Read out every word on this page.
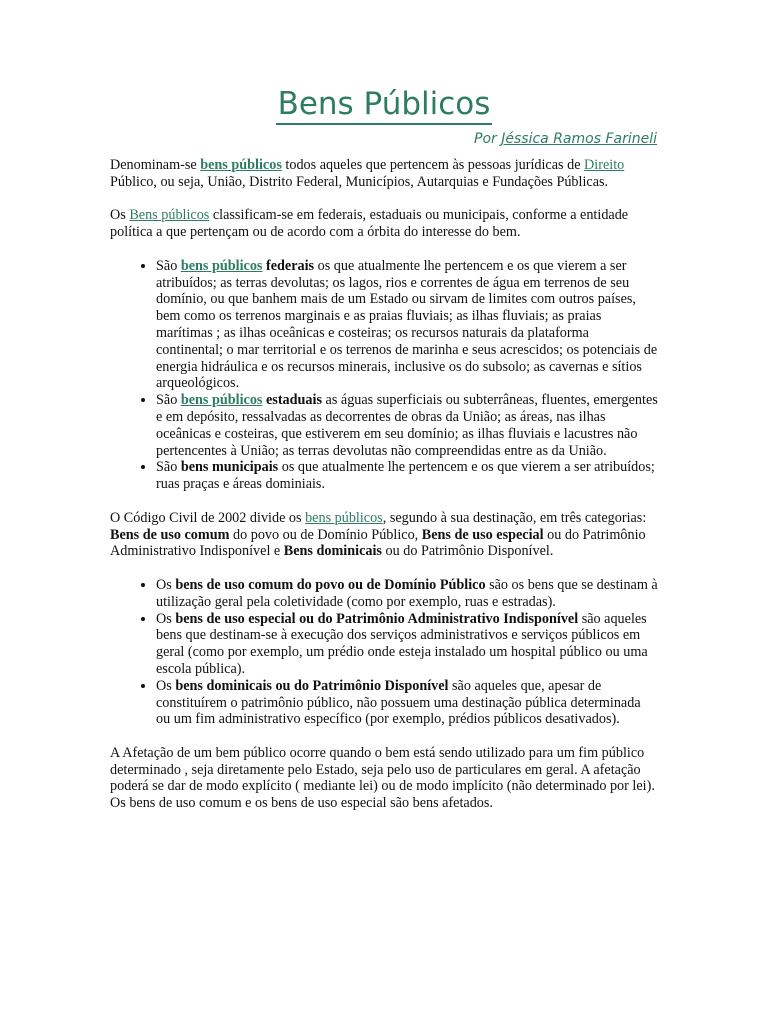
Bens Públicos
Por Jéssica Ramos Farineli

Denominam-se bens públicos todos aqueles que pertencem às pessoas jurídicas de Direito Público, ou seja, União, Distrito Federal, Municípios, Autarquias e Fundações Públicas.

Os Bens públicos classificam-se em federais, estaduais ou municipais, conforme a entidade política a que pertençam ou de acordo com a órbita do interesse do bem.

• São bens públicos federais os que atualmente lhe pertencem e os que vierem a ser atribuídos; as terras devolutas; os lagos, rios e correntes de água em terrenos de seu domínio, ou que banhem mais de um Estado ou sirvam de limites com outros países, bem como os terrenos marginais e as praias fluviais; as ilhas fluviais; as praias marítimas ; as ilhas oceânicas e costeiras; os recursos naturais da plataforma continental; o mar territorial e os terrenos de marinha e seus acrescidos; os potenciais de energia hidráulica e os recursos minerais, inclusive os do subsolo; as cavernas e sítios arqueológicos.
• São bens públicos estaduais as águas superficiais ou subterrâneas, fluentes, emergentes e em depósito, ressalvadas as decorrentes de obras da União; as áreas, nas ilhas oceânicas e costeiras, que estiverem em seu domínio; as ilhas fluviais e lacustres não pertencentes à União; as terras devolutas não compreendidas entre as da União.
• São bens municipais os que atualmente lhe pertencem e os que vierem a ser atribuídos; ruas praças e áreas dominiais.

O Código Civil de 2002 divide os bens públicos, segundo à sua destinação, em três categorias: Bens de uso comum do povo ou de Domínio Público, Bens de uso especial ou do Patrimônio Administrativo Indisponível e Bens dominicais ou do Patrimônio Disponível.

• Os bens de uso comum do povo ou de Domínio Público são os bens que se destinam à utilização geral pela coletividade (como por exemplo, ruas e estradas).
• Os bens de uso especial ou do Patrimônio Administrativo Indisponível são aqueles bens que destinam-se à execução dos serviços administrativos e serviços públicos em geral (como por exemplo, um prédio onde esteja instalado um hospital público ou uma escola pública).
• Os bens dominicais ou do Patrimônio Disponível são aqueles que, apesar de constituírem o patrimônio público, não possuem uma destinação pública determinada ou um fim administrativo específico (por exemplo, prédios públicos desativados).

A Afetação de um bem público ocorre quando o bem está sendo utilizado para um fim público determinado , seja diretamente pelo Estado, seja pelo uso de particulares em geral. A afetação poderá se dar de modo explícito ( mediante lei) ou de modo implícito (não determinado por lei). Os bens de uso comum e os bens de uso especial são bens afetados.
